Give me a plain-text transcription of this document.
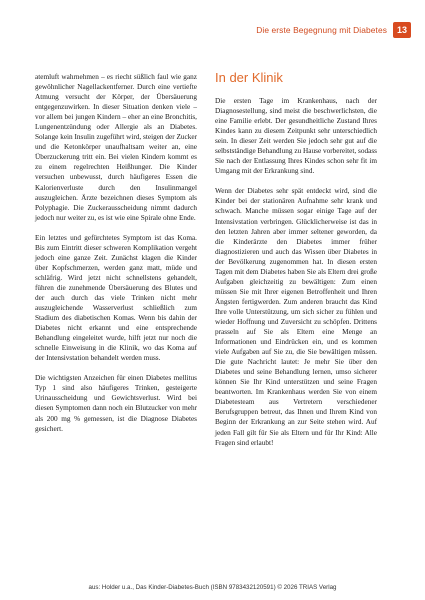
Die erste Begegnung mit Diabetes	13

atemluft wahrnehmen – es riecht süßlich faul wie ganz gewöhnlicher Nagellackentferner. Durch eine vertiefte Atmung versucht der Körper, der Übersäuerung entgegenzuwirken. In dieser Situation denken viele – vor allem bei jungen Kindern – eher an eine Bronchitis, Lungenentzündung oder Allergie als an Diabetes. Solange kein Insulin zugeführt wird, steigen der Zucker und die Ketonkörper unaufhaltsam weiter an, eine Überzuckerung tritt ein. Bei vielen Kindern kommt es zu einem regelrechten Heißhunger. Die Kinder versuchen unbewusst, durch häufigeres Essen die Kalorienverluste durch den Insulinmangel auszugleichen. Ärzte bezeichnen dieses Symptom als Polyphagie. Die Zuckerausscheidung nimmt dadurch jedoch nur weiter zu, es ist wie eine Spirale ohne Ende.

Ein letztes und gefürchtetes Symptom ist das Koma. Bis zum Eintritt dieser schweren Komplikation vergeht jedoch eine ganze Zeit. Zunächst klagen die Kinder über Kopfschmerzen, werden ganz matt, müde und schläfrig. Wird jetzt nicht schnellstens gehandelt, führen die zunehmende Übersäuerung des Blutes und der auch durch das viele Trinken nicht mehr auszugleichende Wasserverlust schließlich zum Stadium des diabetischen Komas. Wenn bis dahin der Diabetes nicht erkannt und eine entsprechende Behandlung eingeleitet wurde, hilft jetzt nur noch die schnelle Einweisung in die Klinik, wo das Koma auf der Intensivstation behandelt werden muss.

Die wichtigsten Anzeichen für einen Diabetes mellitus Typ 1 sind also häufigeres Trinken, gesteigerte Urinausscheidung und Gewichtsverlust. Wird bei diesen Symptomen dann noch ein Blutzucker von mehr als 200 mg % gemessen, ist die Diagnose Diabetes gesichert.

In der Klinik

Die ersten Tage im Krankenhaus, nach der Diagnosestellung, sind meist die beschwerlichsten, die eine Familie erlebt. Der gesundheitliche Zustand Ihres Kindes kann zu diesem Zeitpunkt sehr unterschiedlich sein. In dieser Zeit werden Sie jedoch sehr gut auf die selbstständige Behandlung zu Hause vorbereitet, sodass Sie nach der Entlassung Ihres Kindes schon sehr fit im Umgang mit der Erkrankung sind.

Wenn der Diabetes sehr spät entdeckt wird, sind die Kinder bei der stationären Aufnahme sehr krank und schwach. Manche müssen sogar einige Tage auf der Intensivstation verbringen. Glücklicherweise ist das in den letzten Jahren aber immer seltener geworden, da die Kinderärzte den Diabetes immer früher diagnostizieren und auch das Wissen über Diabetes in der Bevölkerung zugenommen hat. In diesen ersten Tagen mit dem Diabetes haben Sie als Eltern drei große Aufgaben gleichzeitig zu bewältigen: Zum einen müssen Sie mit Ihrer eigenen Betroffenheit und Ihren Ängsten fertigwerden. Zum anderen braucht das Kind Ihre volle Unterstützung, um sich sicher zu fühlen und wieder Hoffnung und Zuversicht zu schöpfen. Drittens prasseln auf Sie als Eltern eine Menge an Informationen und Eindrücken ein, und es kommen viele Aufgaben auf Sie zu, die Sie bewältigen müssen. Die gute Nachricht lautet: Je mehr Sie über den Diabetes und seine Behandlung lernen, umso sicherer können Sie Ihr Kind unterstützen und seine Fragen beantworten. Im Krankenhaus werden Sie von einem Diabetesteam aus Vertretern verschiedener Berufsgruppen betreut, das Ihnen und Ihrem Kind von Beginn der Erkrankung an zur Seite stehen wird. Auf jeden Fall gilt für Sie als Eltern und für Ihr Kind: Alle Fragen sind erlaubt!

aus: Holder u.a., Das Kinder-Diabetes-Buch (ISBN 9783432120591) © 2026 TRIAS Verlag
